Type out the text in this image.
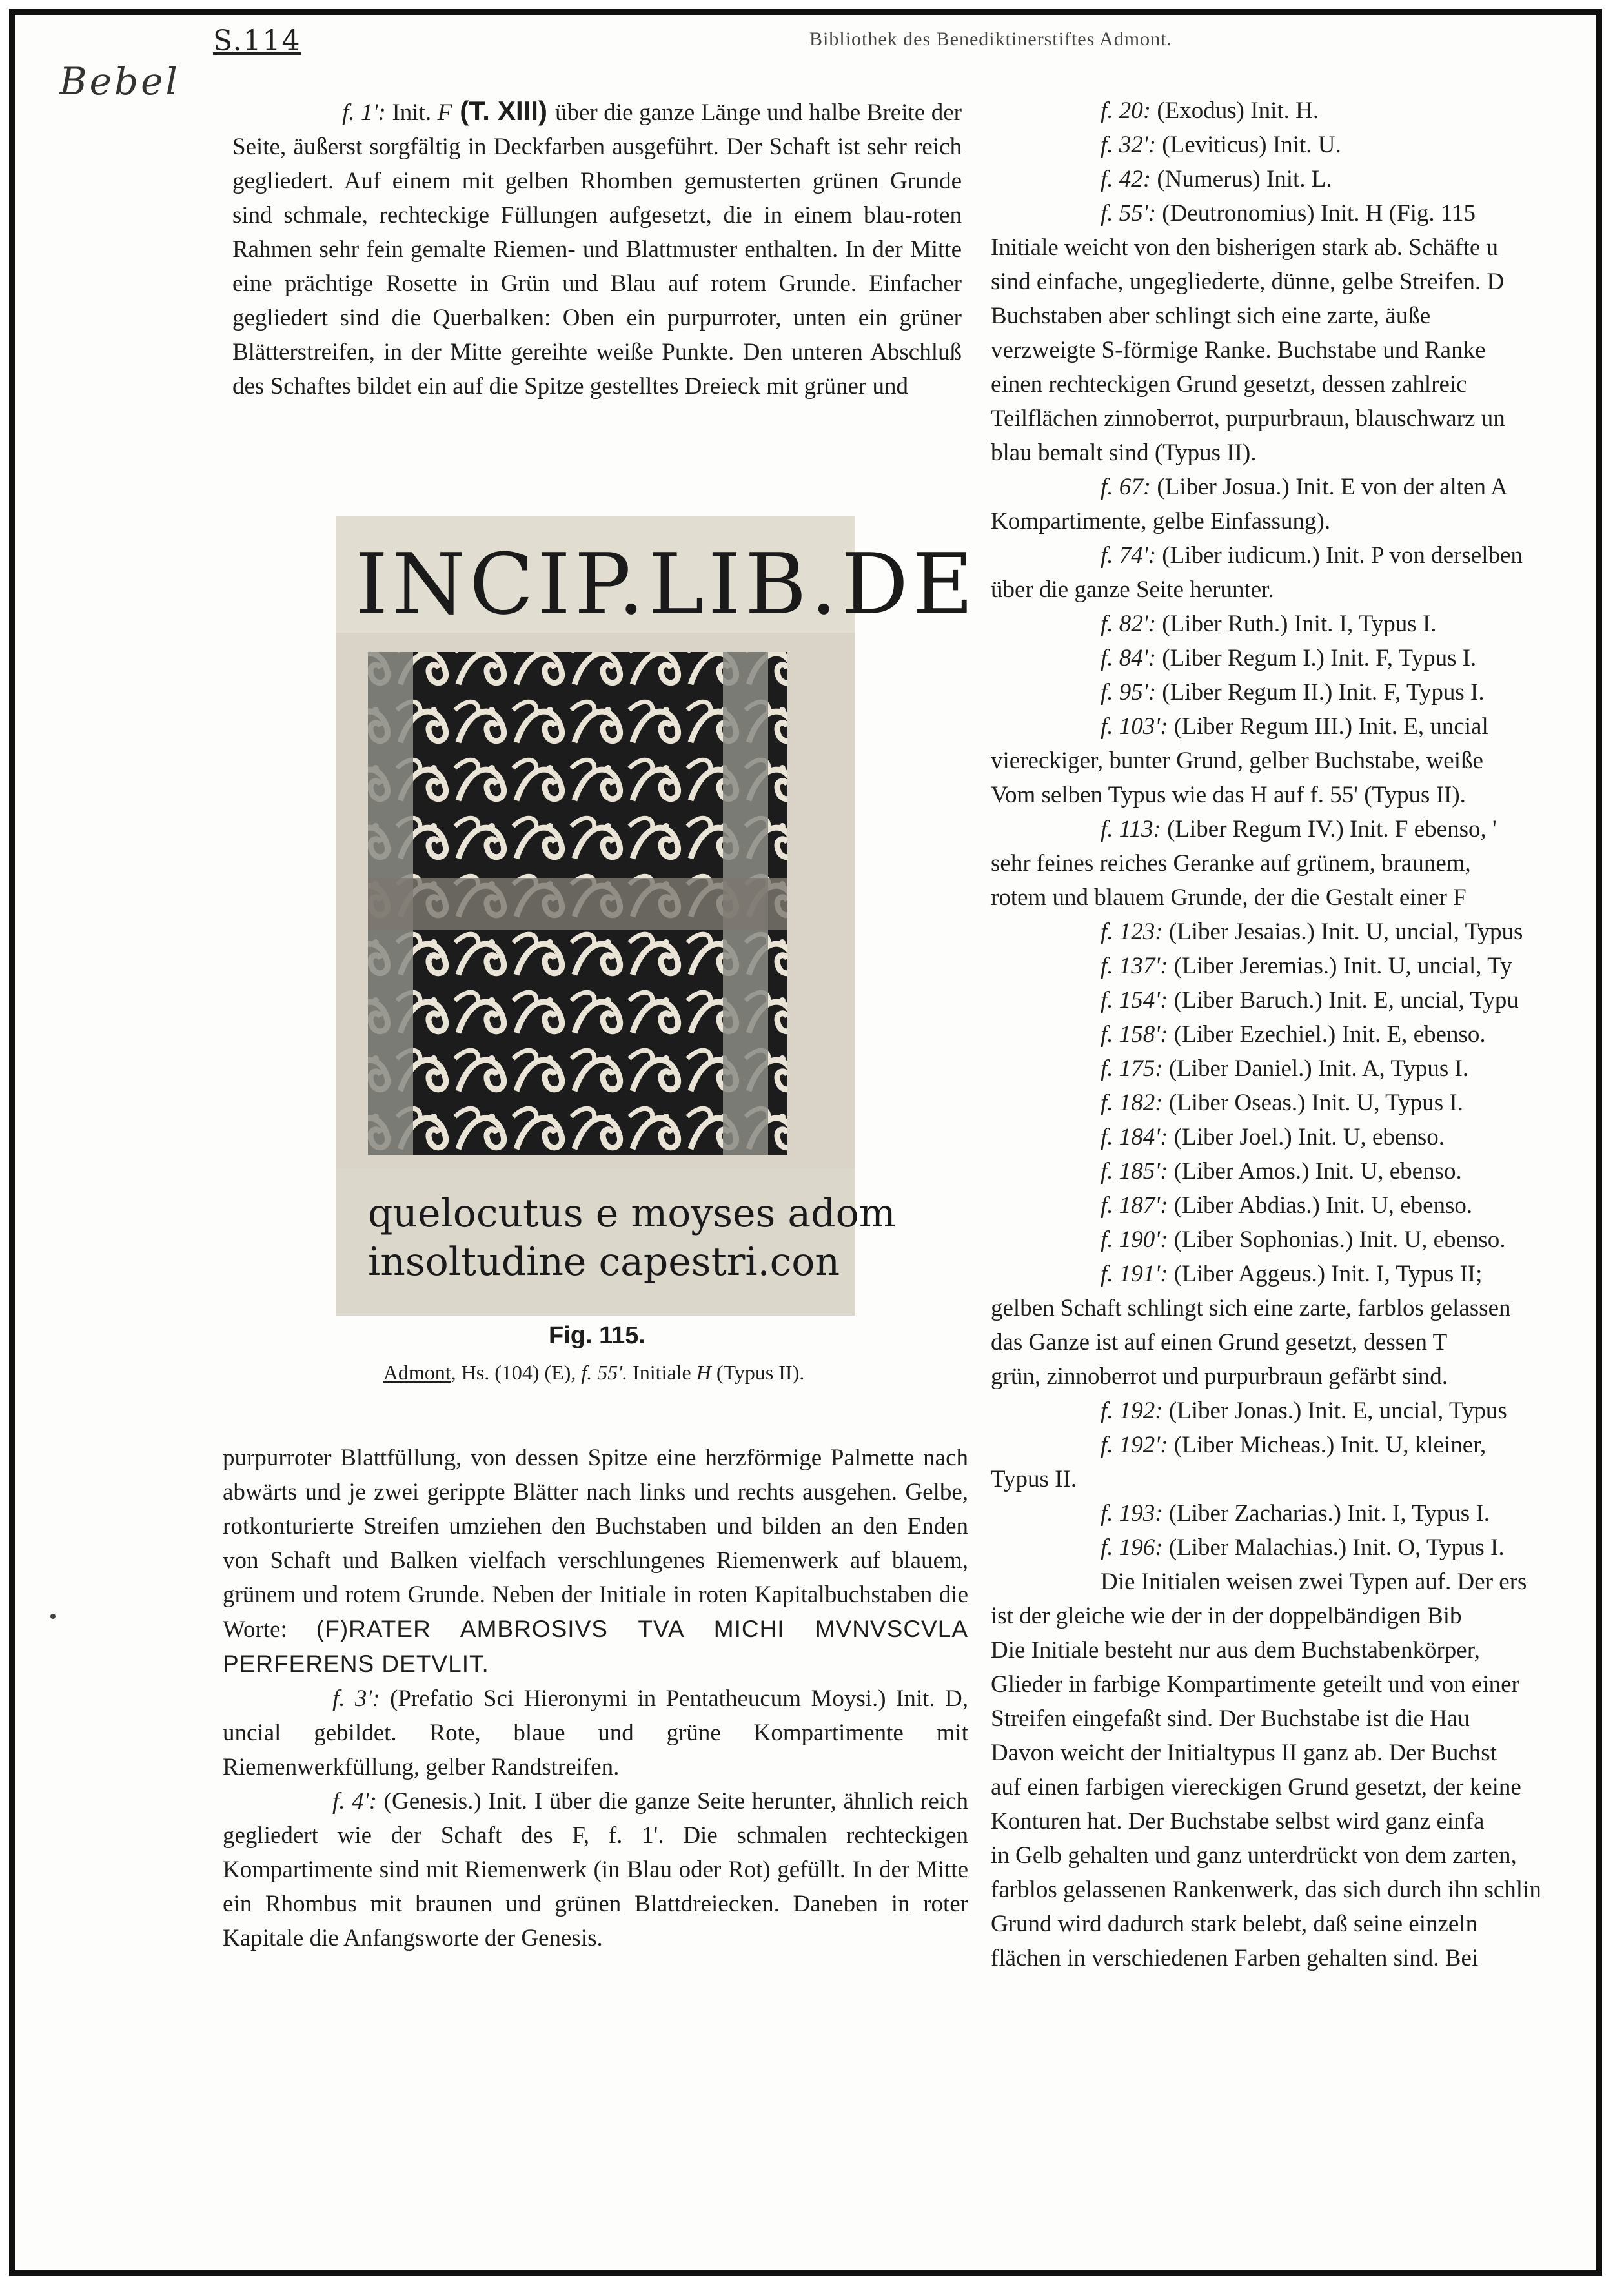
S.114	Bibliothek des Benediktinerstiftes Admont.
Bebel

f. 1': Init. F (T. XIII) über die ganze Länge und halbe Breite der Seite, äußerst sorgfältig in Deckfarben ausgeführt. Der Schaft ist sehr reich gegliedert. Auf einem mit gelben Rhomben gemusterten grünen Grunde sind schmale, rechteckige Füllungen aufgesetzt, die in einem blau-roten Rahmen sehr fein gemalte Riemen- und Blattmuster enthalten. In der Mitte eine prächtige Rosette in Grün und Blau auf rotem Grunde. Einfacher gegliedert sind die Querbalken: Oben ein purpurroter, unten ein grüner Blätterstreifen, in der Mitte gereihte weiße Punkte. Den unteren Abschluß des Schaftes bildet ein auf die Spitze gestelltes Dreieck mit grüner und

INCIP.LIB.DE
quelocutus e moyses adom
insoltudine capestri.con
Fig. 115.
Admont, Hs. (104) (E), f. 55'. Initiale H (Typus II).

purpurroter Blattfüllung, von dessen Spitze eine herzförmige Palmette nach abwärts und je zwei gerippte Blätter nach links und rechts ausgehen. Gelbe, rotkonturierte Streifen umziehen den Buchstaben und bilden an den Enden von Schaft und Balken vielfach verschlungenes Riemenwerk auf blauem, grünem und rotem Grunde. Neben der Initiale in roten Kapitalbuchstaben die Worte: (F)RATER AMBROSIVS TVA MICHI MVNVSCVLA PERFERENS DETVLIT.

f. 3': (Prefatio Sci Hieronymi in Pentatheucum Moysi.) Init. D, uncial gebildet. Rote, blaue und grüne Kompartimente mit Riemenwerkfüllung, gelber Randstreifen.

f. 4': (Genesis.) Init. I über die ganze Seite herunter, ähnlich reich gegliedert wie der Schaft des F, f. 1'. Die schmalen rechteckigen Kompartimente sind mit Riemenwerk (in Blau oder Rot) gefüllt. In der Mitte ein Rhombus mit braunen und grünen Blattdreiecken. Daneben in roter Kapitale die Anfangsworte der Genesis.

f. 20: (Exodus) Init. H.

f. 32': (Leviticus) Init. U.

f. 42: (Numerus) Init. L.

f. 55': (Deutronomius) Init. H (Fig. 115

Initiale weicht von den bisherigen stark ab. Schäfte u

sind einfache, ungegliederte, dünne, gelbe Streifen. D

Buchstaben aber schlingt sich eine zarte, äuße

verzweigte S-förmige Ranke. Buchstabe und Ranke

einen rechteckigen Grund gesetzt, dessen zahlreic

Teilflächen zinnoberrot, purpurbraun, blauschwarz un

blau bemalt sind (Typus II).

f. 67: (Liber Josua.) Init. E von der alten A

Kompartimente, gelbe Einfassung).

f. 74': (Liber iudicum.) Init. P von derselben

über die ganze Seite herunter.

f. 82': (Liber Ruth.) Init. I, Typus I.

f. 84': (Liber Regum I.) Init. F, Typus I.

f. 95': (Liber Regum II.) Init. F, Typus I.

f. 103': (Liber Regum III.) Init. E, uncial

viereckiger, bunter Grund, gelber Buchstabe, weiße

Vom selben Typus wie das H auf f. 55' (Typus II).

f. 113: (Liber Regum IV.) Init. F ebenso, '

sehr feines reiches Geranke auf grünem, braunem,

rotem und blauem Grunde, der die Gestalt einer F

f. 123: (Liber Jesaias.) Init. U, uncial, Typus

f. 137': (Liber Jeremias.) Init. U, uncial, Ty

f. 154': (Liber Baruch.) Init. E, uncial, Typu

f. 158': (Liber Ezechiel.) Init. E, ebenso.

f. 175: (Liber Daniel.) Init. A, Typus I.

f. 182: (Liber Oseas.) Init. U, Typus I.

f. 184': (Liber Joel.) Init. U, ebenso.

f. 185': (Liber Amos.) Init. U, ebenso.

f. 187': (Liber Abdias.) Init. U, ebenso.

f. 190': (Liber Sophonias.) Init. U, ebenso.

f. 191': (Liber Aggeus.) Init. I, Typus II;

gelben Schaft schlingt sich eine zarte, farblos gelassen

das Ganze ist auf einen Grund gesetzt, dessen T

grün, zinnoberrot und purpurbraun gefärbt sind.

f. 192: (Liber Jonas.) Init. E, uncial, Typus

f. 192': (Liber Micheas.) Init. U, kleiner,

Typus II.

f. 193: (Liber Zacharias.) Init. I, Typus I.

f. 196: (Liber Malachias.) Init. O, Typus I.

Die Initialen weisen zwei Typen auf. Der ers

ist der gleiche wie der in der doppelbändigen Bib

Die Initiale besteht nur aus dem Buchstabenkörper,

Glieder in farbige Kompartimente geteilt und von einer

Streifen eingefaßt sind. Der Buchstabe ist die Hau

Davon weicht der Initialtypus II ganz ab. Der Buchst

auf einen farbigen viereckigen Grund gesetzt, der keine

Konturen hat. Der Buchstabe selbst wird ganz einfa

in Gelb gehalten und ganz unterdrückt von dem zarten,

farblos gelassenen Rankenwerk, das sich durch ihn schlin

Grund wird dadurch stark belebt, daß seine einzeln

flächen in verschiedenen Farben gehalten sind. Bei
